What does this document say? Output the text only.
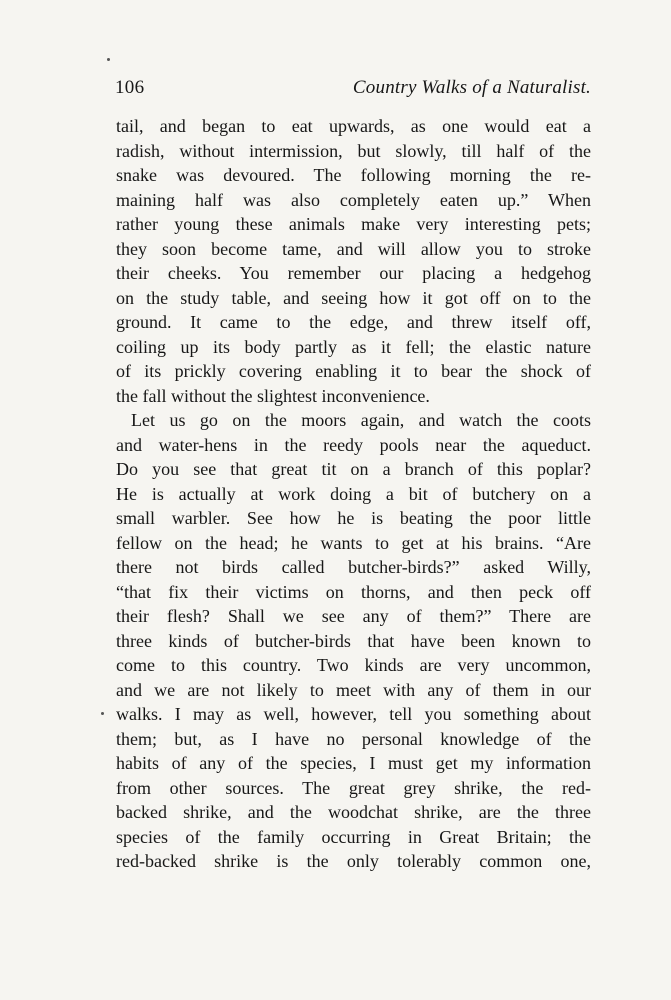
106	Country Walks of a Naturalist.
tail, and began to eat upwards, as one would eat a
radish, without intermission, but slowly, till half of the
snake was devoured. The following morning the re-
maining half was also completely eaten up.” When
rather young these animals make very interesting pets;
they soon become tame, and will allow you to stroke
their cheeks. You remember our placing a hedgehog
on the study table, and seeing how it got off on to the
ground. It came to the edge, and threw itself off,
coiling up its body partly as it fell; the elastic nature
of its prickly covering enabling it to bear the shock of
the fall without the slightest inconvenience.
Let us go on the moors again, and watch the coots
and water-hens in the reedy pools near the aqueduct.
Do you see that great tit on a branch of this poplar?
He is actually at work doing a bit of butchery on a
small warbler. See how he is beating the poor little
fellow on the head; he wants to get at his brains. “Are
there not birds called butcher-birds?” asked Willy,
“that fix their victims on thorns, and then peck off
their flesh? Shall we see any of them?” There are
three kinds of butcher-birds that have been known to
come to this country. Two kinds are very uncommon,
and we are not likely to meet with any of them in our
walks. I may as well, however, tell you something about
them; but, as I have no personal knowledge of the
habits of any of the species, I must get my information
from other sources. The great grey shrike, the red-
backed shrike, and the woodchat shrike, are the three
species of the family occurring in Great Britain; the
red-backed shrike is the only tolerably common one,
